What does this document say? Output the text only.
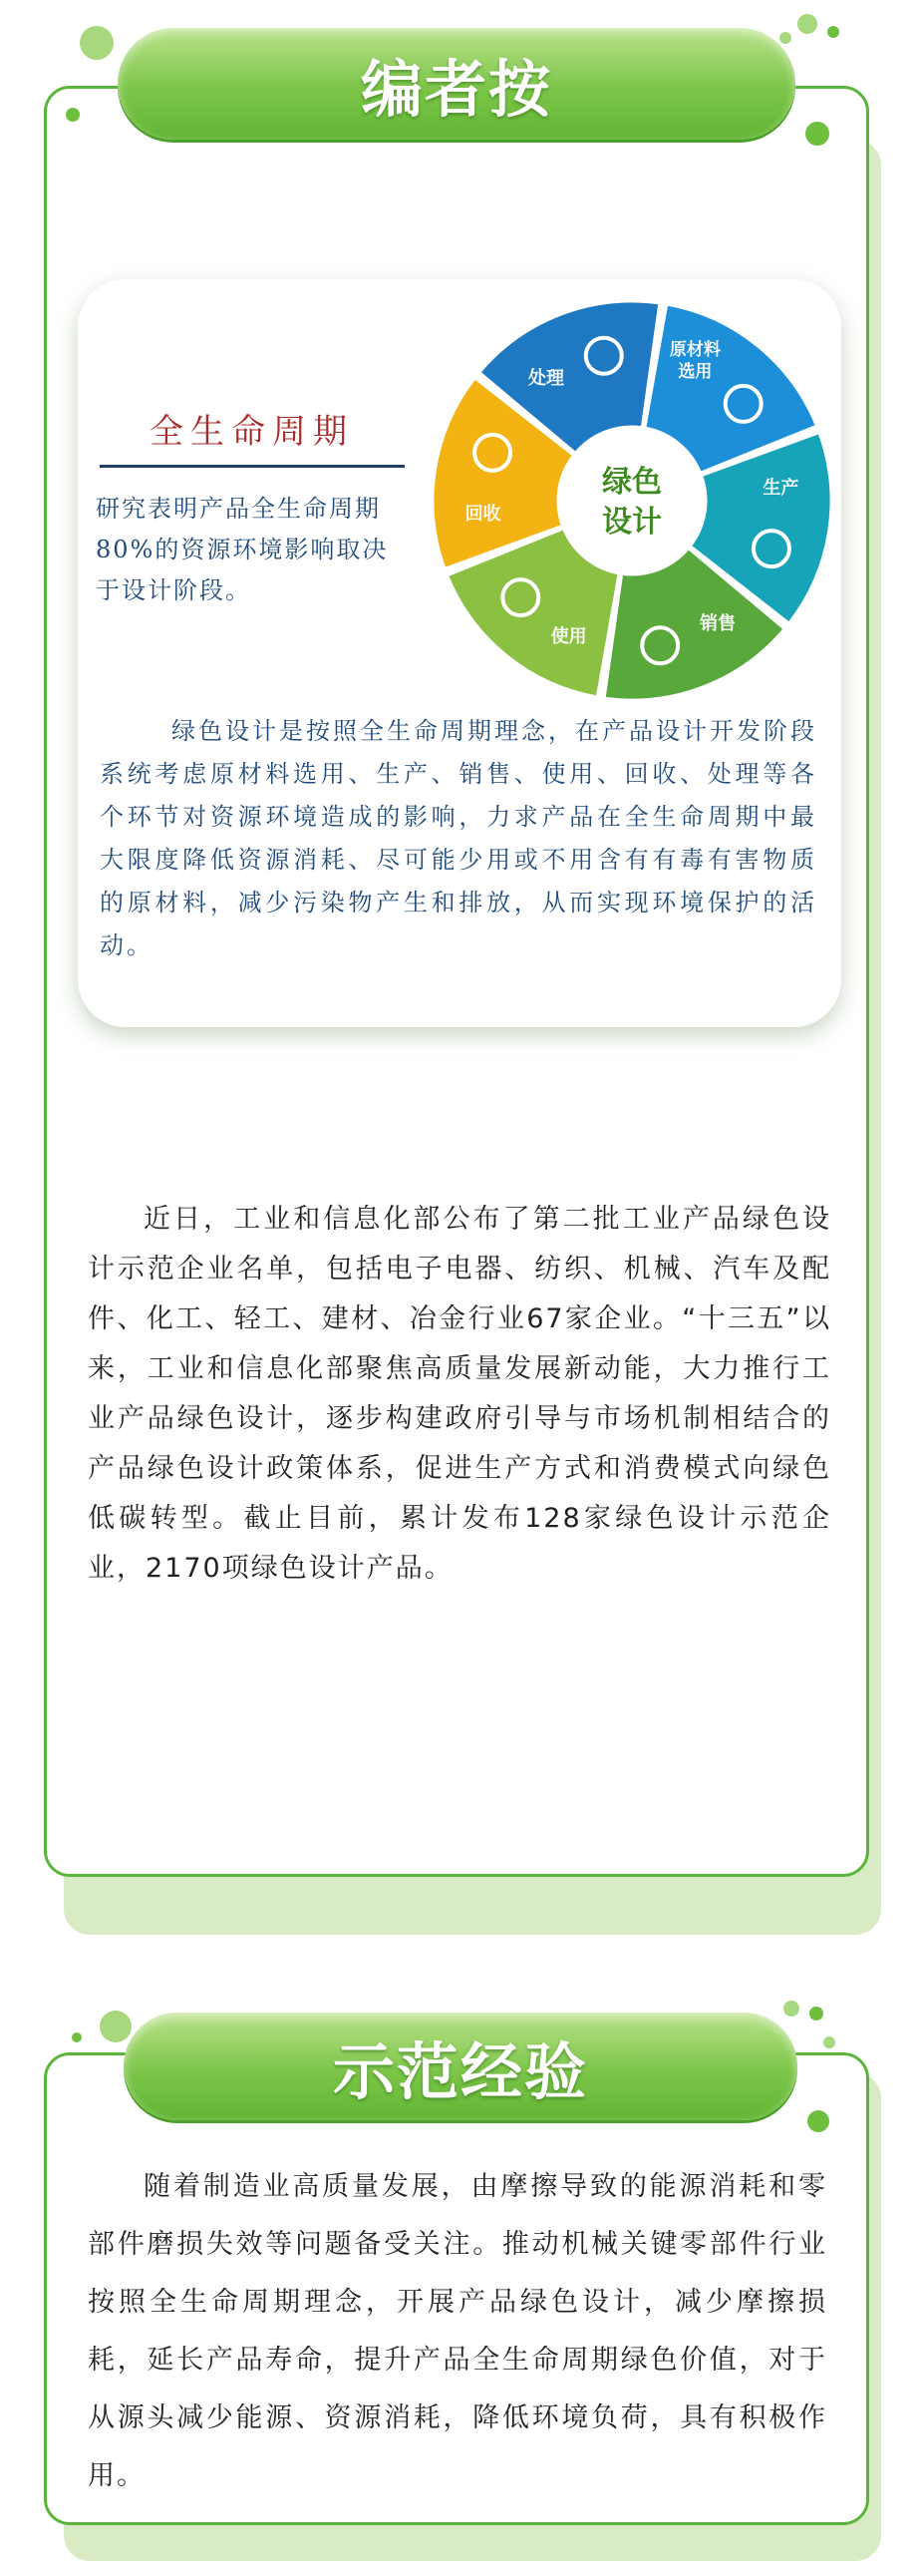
编者按
全生命周期
研究表明产品全生命周期80%的资源环境影响取决于设计阶段。
原材料
选用
生产
销售
使用
回收
处理
绿色
设计
绿色设计是按照全生命周期理念，在产品设计开发阶段系统考虑原材料选用、生产、销售、使用、回收、处理等各个环节对资源环境造成的影响，力求产品在全生命周期中最大限度降低资源消耗、尽可能少用或不用含有有毒有害物质的原材料，减少污染物产生和排放，从而实现环境保护的活动。
近日，工业和信息化部公布了第二批工业产品绿色设计示范企业名单，包括电子电器、纺织、机械、汽车及配件、化工、轻工、建材、冶金行业67家企业。“十三五”以来，工业和信息化部聚焦高质量发展新动能，大力推行工业产品绿色设计，逐步构建政府引导与市场机制相结合的产品绿色设计政策体系，促进生产方式和消费模式向绿色低碳转型。截止目前，累计发布128家绿色设计示范企业，2170项绿色设计产品。
示范经验
随着制造业高质量发展，由摩擦导致的能源消耗和零部件磨损失效等问题备受关注。推动机械关键零部件行业按照全生命周期理念，开展产品绿色设计，减少摩擦损耗，延长产品寿命，提升产品全生命周期绿色价值，对于从源头减少能源、资源消耗，降低环境负荷，具有积极作用。
